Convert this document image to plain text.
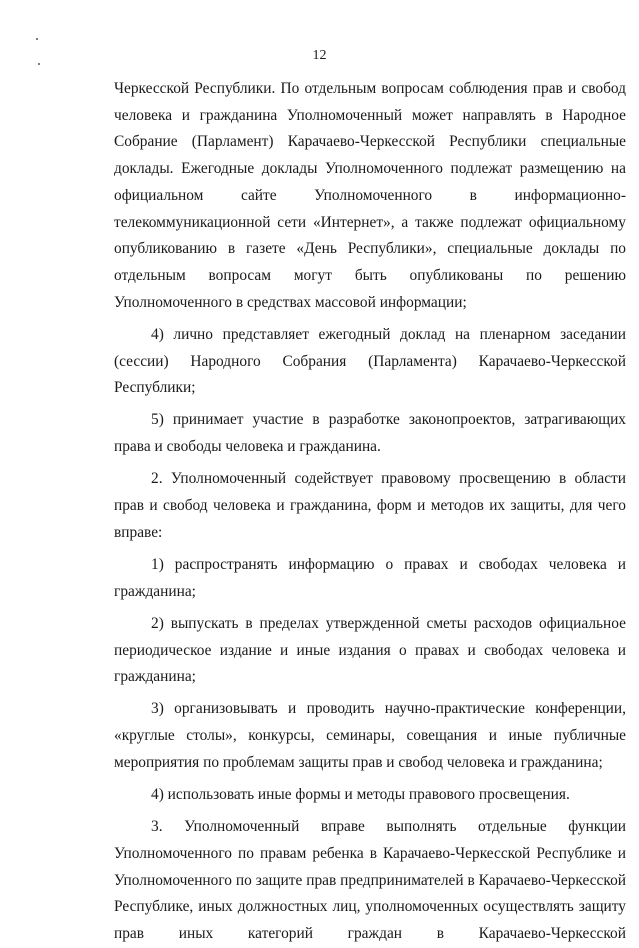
12

Черкесской Республики. По отдельным вопросам соблюдения прав и свобод человека и гражданина Уполномоченный может направлять в Народное Собрание (Парламент) Карачаево-Черкесской Республики специальные доклады. Ежегодные доклады Уполномоченного подлежат размещению на официальном сайте Уполномоченного в информационно-телекоммуникационной сети «Интернет», а также подлежат официальному опубликованию в газете «День Республики», специальные доклады по отдельным вопросам могут быть опубликованы по решению Уполномоченного в средствах массовой информации;

4) лично представляет ежегодный доклад на пленарном заседании (сессии) Народного Собрания (Парламента) Карачаево-Черкесской Республики;

5) принимает участие в разработке законопроектов, затрагивающих права и свободы человека и гражданина.

2. Уполномоченный содействует правовому просвещению в области прав и свобод человека и гражданина, форм и методов их защиты, для чего вправе:

1) распространять информацию о правах и свободах человека и гражданина;

2) выпускать в пределах утвержденной сметы расходов официальное периодическое издание и иные издания о правах и свободах человека и гражданина;

3) организовывать и проводить научно-практические конференции, «круглые столы», конкурсы, семинары, совещания и иные публичные мероприятия по проблемам защиты прав и свобод человека и гражданина;

4) использовать иные формы и методы правового просвещения.

3. Уполномоченный вправе выполнять отдельные функции Уполномоченного по правам ребенка в Карачаево-Черкесской Республике и Уполномоченного по защите прав предпринимателей в Карачаево-Черкесской Республике, иных должностных лиц, уполномоченных осуществлять защиту прав иных категорий граждан в Карачаево-Черкесской
